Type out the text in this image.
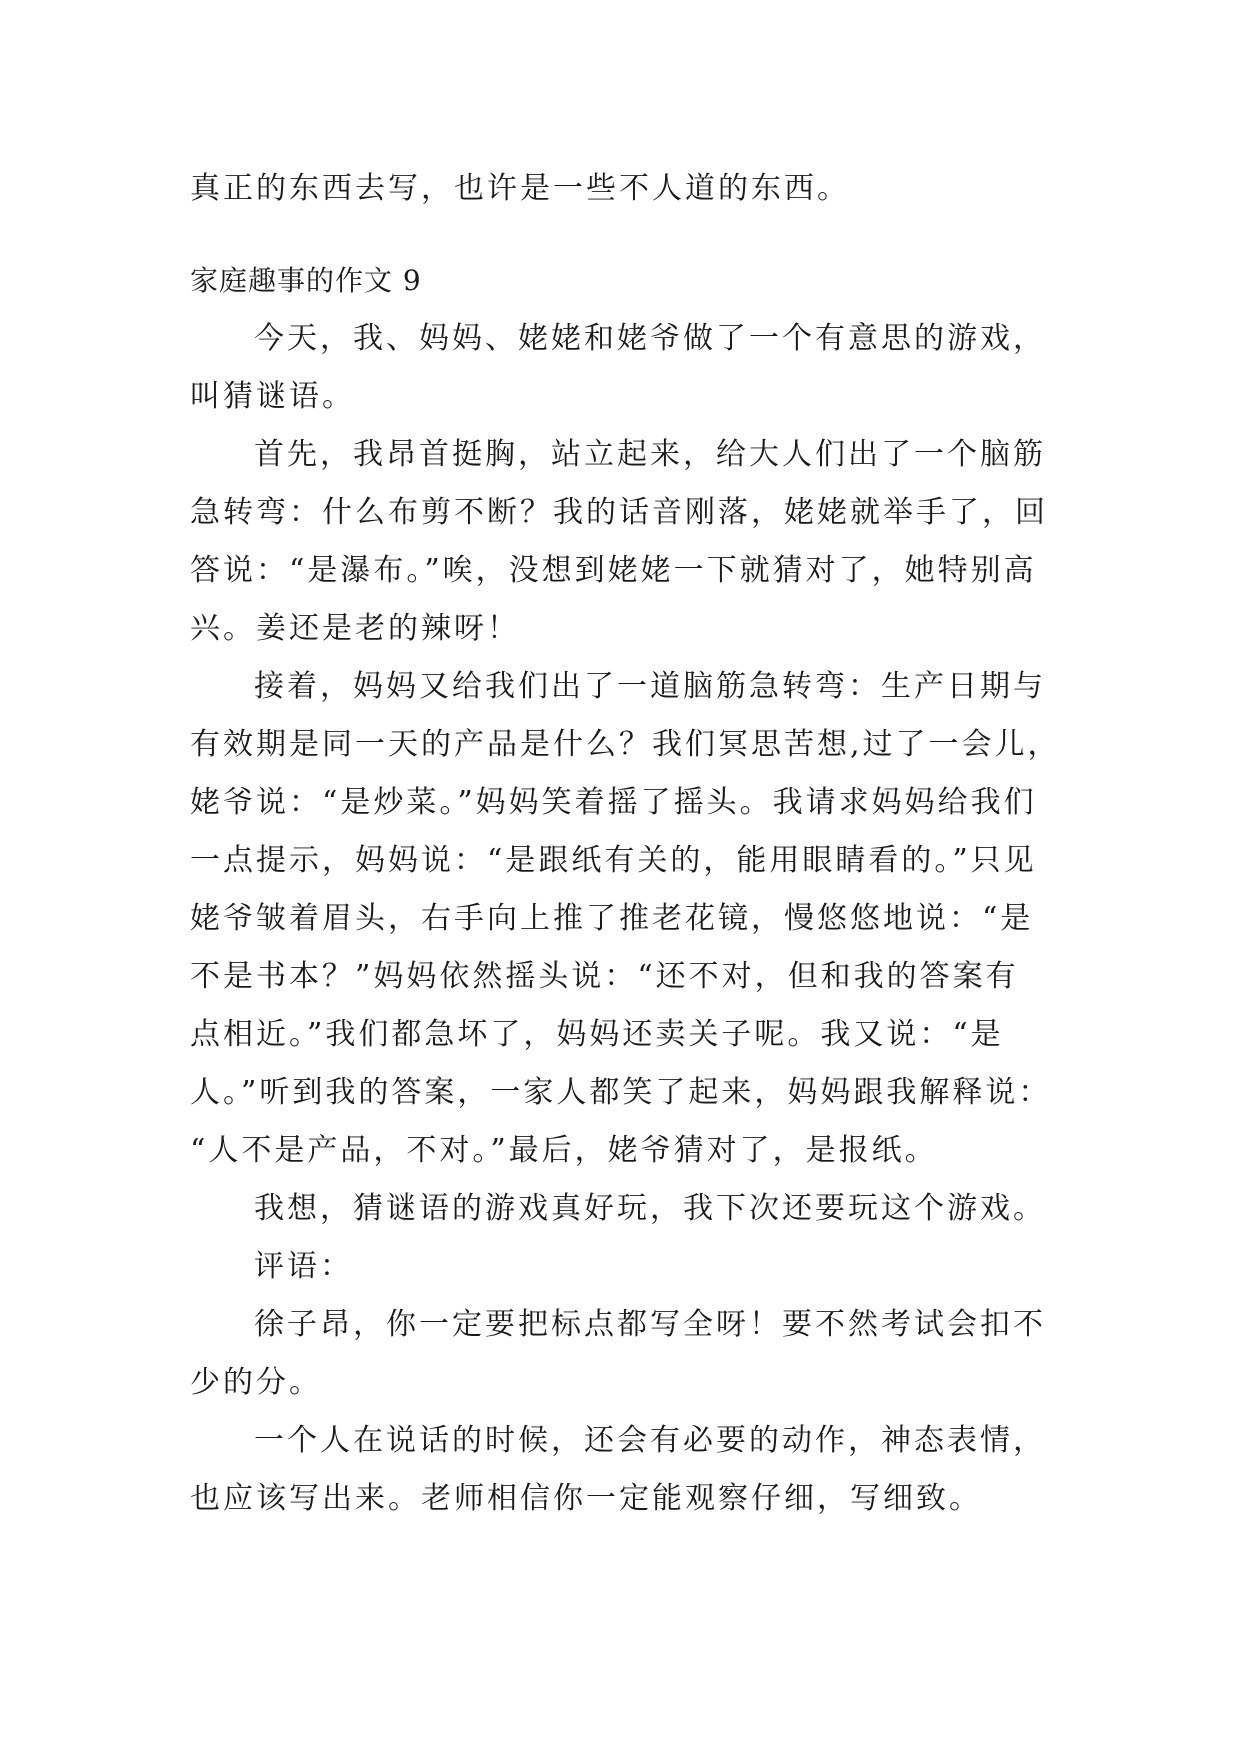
真正的东西去写，也许是一些不人道的东西。
家庭趣事的作文 9
今天，我、妈妈、姥姥和姥爷做了一个有意思的游戏，
叫猜谜语。
首先，我昂首挺胸，站立起来，给大人们出了一个脑筋
急转弯：什么布剪不断？我的话音刚落，姥姥就举手了，回
答说：“是瀑布。”唉，没想到姥姥一下就猜对了，她特别高
兴。姜还是老的辣呀！
接着，妈妈又给我们出了一道脑筋急转弯：生产日期与
有效期是同一天的产品是什么？我们冥思苦想,过了一会儿，
姥爷说：“是炒菜。”妈妈笑着摇了摇头。我请求妈妈给我们
一点提示，妈妈说：“是跟纸有关的，能用眼睛看的。”只见
姥爷皱着眉头，右手向上推了推老花镜，慢悠悠地说：“是
不是书本？”妈妈依然摇头说：“还不对，但和我的答案有
点相近。”我们都急坏了，妈妈还卖关子呢。我又说：“是
人。”听到我的答案，一家人都笑了起来，妈妈跟我解释说：
“人不是产品，不对。”最后，姥爷猜对了，是报纸。
我想，猜谜语的游戏真好玩，我下次还要玩这个游戏。
评语：
徐子昂，你一定要把标点都写全呀！要不然考试会扣不
少的分。
一个人在说话的时候，还会有必要的动作，神态表情，
也应该写出来。老师相信你一定能观察仔细，写细致。
